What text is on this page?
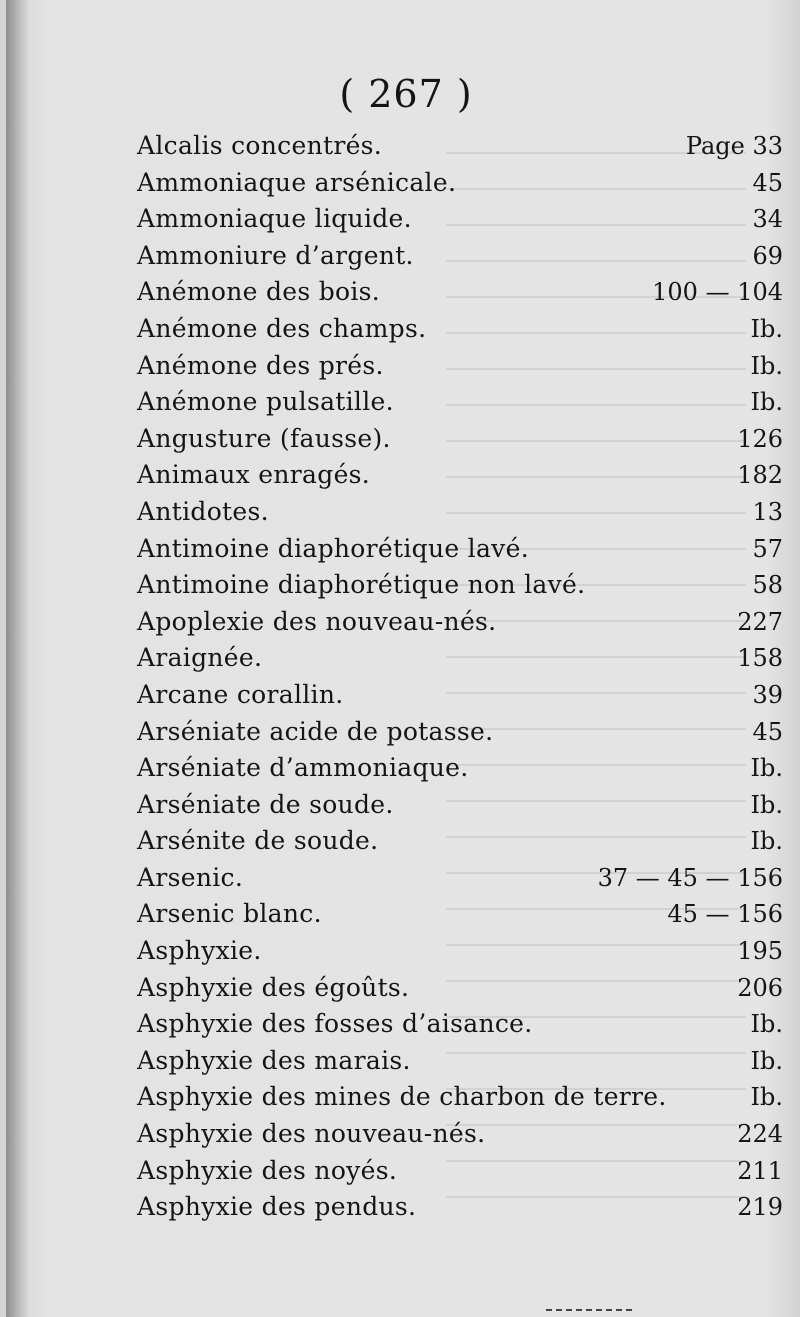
( 267 )
Alcalis concentrés.	Page 33
Ammoniaque arsénicale.	45
Ammoniaque liquide.	34
Ammoniure d’argent.	69
Anémone des bois.	100 — 104
Anémone des champs.	Ib.
Anémone des prés.	Ib.
Anémone pulsatille.	Ib.
Angusture (fausse).	126
Animaux enragés.	182
Antidotes.	13
Antimoine diaphorétique lavé.	57
Antimoine diaphorétique non lavé.	58
Apoplexie des nouveau-nés.	227
Araignée.	158
Arcane corallin.	39
Arséniate acide de potasse.	45
Arséniate d’ammoniaque.	Ib.
Arséniate de soude.	Ib.
Arsénite de soude.	Ib.
Arsenic.	37 — 45 — 156
Arsenic blanc.	45 — 156
Asphyxie.	195
Asphyxie des égoûts.	206
Asphyxie des fosses d’aisance.	Ib.
Asphyxie des marais.	Ib.
Asphyxie des mines de charbon de terre.	Ib.
Asphyxie des nouveau-nés.	224
Asphyxie des noyés.	211
Asphyxie des pendus.	219
